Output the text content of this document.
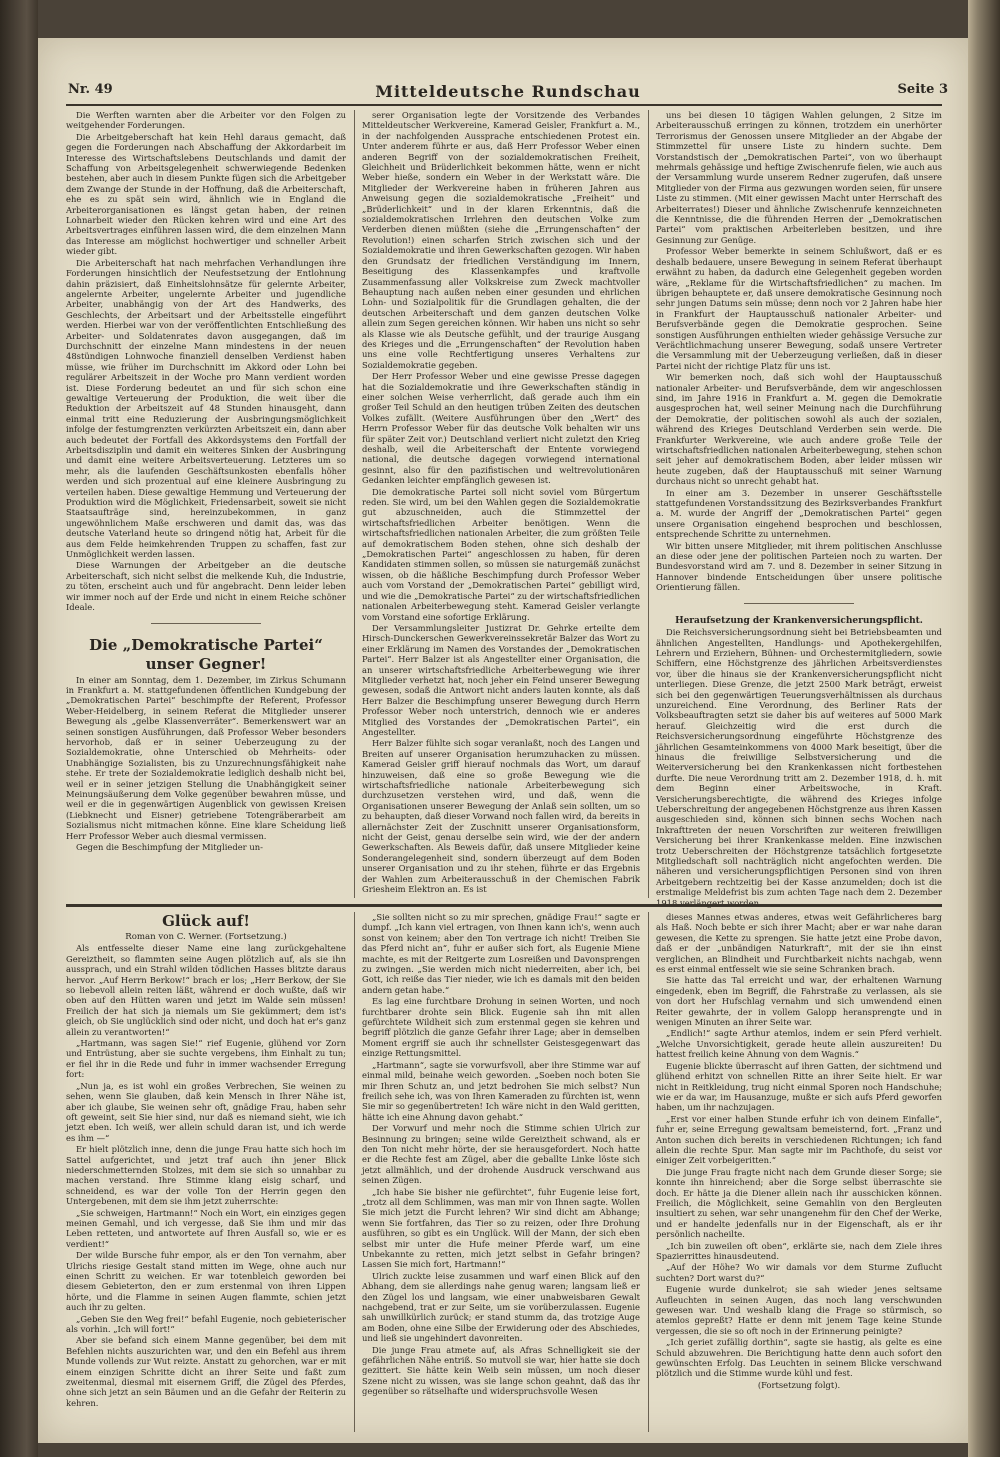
Nr. 49	Mitteldeutsche Rundschau	Seite 3

Die Werften warnten aber die Arbeiter vor den Folgen zu weitgehender Forderungen.

Die Arbeitgeberschaft hat kein Hehl daraus gemacht, daß gegen die Forderungen nach Abschaffung der Akkordarbeit im Interesse des Wirtschaftslebens Deutschlands und damit der Schaffung von Arbeitsgelegenheit schwerwiegende Bedenken bestehen, aber auch in diesem Punkte fügen sich die Arbeitgeber dem Zwange der Stunde in der Hoffnung, daß die Arbeiterschaft, ehe es zu spät sein wird, ähnlich wie in England die Arbeiterorganisationen es längst getan haben, der reinen Lohnarbeit wieder den Rücken kehren wird und eine Art des Arbeitsvertrages einführen lassen wird, die dem einzelnen Mann das Interesse am möglichst hochwertiger und schneller Arbeit wieder gibt.

Die Arbeiterschaft hat nach mehrfachen Verhandlungen ihre Forderungen hinsichtlich der Neufestsetzung der Entlohnung dahin präzisiert, daß Einheitslohnsätze für gelernte Arbeiter, angelernte Arbeiter, ungelernte Arbeiter und jugendliche Arbeiter, unabhängig von der Art des Handwerks, des Geschlechts, der Arbeitsart und der Arbeitsstelle eingeführt werden. Hierbei war von der veröffentlichten Entschließung des Arbeiter- und Soldatenrates davon ausgegangen, daß im Durchschnitt der einzelne Mann mindestens in der neuen 48stündigen Lohnwoche finanziell denselben Verdienst haben müsse, wie früher im Durchschnitt im Akkord oder Lohn bei regulärer Arbeitszeit in der Woche pro Mann verdient worden ist. Diese Forderung bedeutet an und für sich schon eine gewaltige Verteuerung der Produktion, die weit über die Reduktion der Arbeitszeit auf 48 Stunden hinausgeht, dann einmal tritt eine Reduzierung der Ausbringungsmöglichkeit infolge der festumgrenzten verkürzten Arbeitszeit ein, dann aber auch bedeutet der Fortfall des Akkordsystems den Fortfall der Arbeitsdisziplin und damit ein weiteres Sinken der Ausbringung und damit eine weitere Arbeitsverteuerung. Letzteres um so mehr, als die laufenden Geschäftsunkosten ebenfalls höher werden und sich prozentual auf eine kleinere Ausbringung zu verteilen haben. Diese gewaltige Hemmung und Verteuerung der Produktion wird die Möglichkeit, Friedensarbeit, soweit sie nicht Staatsaufträge sind, hereinzubekommen, in ganz ungewöhnlichem Maße erschweren und damit das, was das deutsche Vaterland heute so dringend nötig hat, Arbeit für die aus dem Felde heimkehrenden Truppen zu schaffen, fast zur Unmöglichkeit werden lassen.

Diese Warnungen der Arbeitgeber an die deutsche Arbeiterschaft, sich nicht selbst die melkende Kuh, die Industrie, zu töten, erscheint auch und für angebracht. Denn leider leben wir immer noch auf der Erde und nicht in einem Reiche schöner Ideale.

Die „Demokratische Partei“ unser Gegner!

In einer am Sonntag, dem 1. Dezember, im Zirkus Schumann in Frankfurt a. M. stattgefundenen öffentlichen Kundgebung der „Demokratischen Partei“ beschimpfte der Referent, Professor Weber-Heidelberg, in seinem Referat die Mitglieder unserer Bewegung als „gelbe Klassenverräter“. Bemerkenswert war an seinen sonstigen Ausführungen, daß Professor Weber besonders hervorhob, daß er in seiner Ueberzeugung zu der Sozialdemokratie, ohne Unterschied ob Mehrheits- oder Unabhängige Sozialisten, bis zu Unzurechnungsfähigkeit nahe stehe. Er trete der Sozialdemokratie lediglich deshalb nicht bei, weil er in seiner jetzigen Stellung die Unabhängigkeit seiner Meinungsäußerung dem Volke gegenüber bewahren müsse, und weil er die in gegenwärtigen Augenblick von gewissen Kreisen (Liebknecht und Eisner) getriebene Totengräberarbeit am Sozialismus nicht mitmachen könne. Eine klare Scheidung ließ Herr Professor Weber auch diesmal vermissen.

Gegen die Beschimpfung der Mitglieder un-

serer Organisation legte der Vorsitzende des Verbandes Mitteldeutscher Werkvereine, Kamerad Geisler, Frankfurt a. M., in der nachfolgenden Aussprache entschiedenen Protest ein. Unter anderem führte er aus, daß Herr Professor Weber einen anderen Begriff von der sozialdemokratischen Freiheit, Gleichheit und Brüderlichkeit bekommen hätte, wenn er nicht Weber hieße, sondern ein Weber in der Werkstatt wäre. Die Mitglieder der Werkvereine haben in früheren Jahren aus Anweisung gegen die sozialdemokratische „Freiheit“ und „Brüderlichkeit“ und in der klaren Erkenntnis, daß die sozialdemokratischen Irrlehren den deutschen Volke zum Verderben dienen müßten (siehe die „Errungenschaften“ der Revolution!) einen scharfen Strich zwischen sich und der Sozialdemokratie und ihren Gewerkschaften gezogen. Wir haben den Grundsatz der friedlichen Verständigung im Innern, Beseitigung des Klassenkampfes und kraftvolle Zusammenfassung aller Volkskreise zum Zweck machtvoller Behauptung nach außen neben einer gesunden und ehrlichen Lohn- und Sozialpolitik für die Grundlagen gehalten, die der deutschen Arbeiterschaft und dem ganzen deutschen Volke allein zum Segen gereichen können. Wir haben uns nicht so sehr als Klasse wie als Deutsche gefühlt, und der traurige Ausgang des Krieges und die „Errungenschaften“ der Revolution haben uns eine volle Rechtfertigung unseres Verhaltens zur Sozialdemokratie gegeben.

Der Herr Professor Weber und eine gewisse Presse dagegen hat die Sozialdemokratie und ihre Gewerkschaften ständig in einer solchen Weise verherrlicht, daß gerade auch ihm ein großer Teil Schuld an den heutigen trüben Zeiten des deutschen Volkes zufällt. (Weitere Ausführungen über den „Wert“ des Herrn Professor Weber für das deutsche Volk behalten wir uns für später Zeit vor.) Deutschland verliert nicht zuletzt den Krieg deshalb, weil die Arbeiterschaft der Entente vorwiegend national, die deutsche dagegen vorwiegend international gesinnt, also für den pazifistischen und weltrevolutionären Gedanken leichter empfänglich gewesen ist.

Die demokratische Partei soll nicht soviel vom Bürgertum reden. Sie wird, um bei den Wahlen gegen die Sozialdemokratie gut abzuschneiden, auch die Stimmzettel der wirtschaftsfriedlichen Arbeiter benötigen. Wenn die wirtschaftsfriedlichen nationalen Arbeiter, die zum größten Teile auf demokratischem Boden stehen, ohne sich deshalb der „Demokratischen Partei“ angeschlossen zu haben, für deren Kandidaten stimmen sollen, so müssen sie naturgemäß zunächst wissen, ob die häßliche Beschimpfung durch Professor Weber auch vom Vorstand der „Demokratischen Partei“ gebilligt wird, und wie die „Demokratische Partei“ zu der wirtschaftsfriedlichen nationalen Arbeiterbewegung steht. Kamerad Geisler verlangte vom Vorstand eine sofortige Erklärung.

Der Versammlungsleiter Justizrat Dr. Gehrke erteilte dem Hirsch-Dunckerschen Gewerkvereinssekretär Balzer das Wort zu einer Erklärung im Namen des Vorstandes der „Demokratischen Partei“. Herr Balzer ist als Angestellter einer Organisation, die an unserer wirtschaftsfriedliche Arbeiterbewegung wie ihrer Mitglieder verhetzt hat, noch jeher ein Feind unserer Bewegung gewesen, sodaß die Antwort nicht anders lauten konnte, als daß Herr Balzer die Beschimpfung unserer Bewegung durch Herrn Professor Weber noch unterstrich, dennoch wie er anderes Mitglied des Vorstandes der „Demokratischen Partei“, ein Angestellter.

Herr Balzer fühlte sich sogar veranlaßt, noch des Langen und Breiten auf unserer Organisation herumzuhacken zu müssen. Kamerad Geisler griff hierauf nochmals das Wort, um darauf hinzuweisen, daß eine so große Bewegung wie die wirtschaftsfriedliche nationale Arbeiterbewegung sich durchzusetzen verstehen wird, und daß, wenn die Organisationen unserer Bewegung der Anlaß sein sollten, um so zu behaupten, daß dieser Vorwand noch fallen wird, da bereits in allernächster Zeit der Zuschnitt unserer Organisationsform, nicht der Geist, genau derselbe sein wird, wie der der andern Gewerkschaften. Als Beweis dafür, daß unsere Mitglieder keine Sonderangelegenheit sind, sondern überzeugt auf dem Boden unserer Organisation und zu ihr stehen, führte er das Ergebnis der Wahlen zum Arbeiterausschuß in der Chemischen Fabrik Griesheim Elektron an. Es ist

uns bei diesen 10 tägigen Wahlen gelungen, 2 Sitze im Arbeiterausschuß erringen zu können, trotzdem ein unerhörter Terrorismus der Genossen unsere Mitglieder an der Abgabe der Stimmzettel für unsere Liste zu hindern suchte. Dem Vorstandstisch der „Demokratischen Partei“, von wo überhaupt mehrmals gehässige und heftige Zwischenrufe fielen, wie auch aus der Versammlung wurde unserem Redner zugerufen, daß unsere Mitglieder von der Firma aus gezwungen worden seien, für unsere Liste zu stimmen. (Mit einer gewissen Macht unter Herrschaft des Arbeiterrates!) Dieser und ähnliche Zwischenrufe kennzeichneten die Kenntnisse, die die führenden Herren der „Demokratischen Partei“ vom praktischen Arbeiterleben besitzen, und ihre Gesinnung zur Genüge.

Professor Weber bemerkte in seinem Schlußwort, daß er es deshalb bedauere, unsere Bewegung in seinem Referat überhaupt erwähnt zu haben, da dadurch eine Gelegenheit gegeben worden wäre, „Reklame für die Wirtschaftsfriedlichen“ zu machen. Im übrigen behauptete er, daß unsere demokratische Gesinnung noch sehr jungen Datums sein müsse; denn noch vor 2 Jahren habe hier in Frankfurt der Hauptausschuß nationaler Arbeiter- und Berufsverbände gegen die Demokratie gesprochen. Seine sonstigen Ausführungen enthielten wieder gehässige Versuche zur Verächtlichmachung unserer Bewegung, sodaß unsere Vertreter die Versammlung mit der Ueberzeugung verließen, daß in dieser Partei nicht der richtige Platz für uns ist.

Wir bemerken noch, daß sich wohl der Hauptausschuß nationaler Arbeiter- und Berufsverbände, dem wir angeschlossen sind, im Jahre 1916 in Frankfurt a. M. gegen die Demokratie ausgesprochen hat, weil seiner Meinung nach die Durchführung der Demokratie, der politischen sowohl als auch der sozialen, während des Krieges Deutschland Verderben sein werde. Die Frankfurter Werkvereine, wie auch andere große Teile der wirtschaftsfriedlichen nationalen Arbeiterbewegung, stehen schon seit jeher auf demokratischem Boden, aber leider müssen wir heute zugeben, daß der Hauptausschuß mit seiner Warnung durchaus nicht so unrecht gehabt hat.

In einer am 3. Dezember in unserer Geschäftsstelle stattgefundenen Vorstandssitzung des Bezirksverbandes Frankfurt a. M. wurde der Angriff der „Demokratischen Partei“ gegen unsere Organisation eingehend besprochen und beschlossen, entsprechende Schritte zu unternehmen.

Wir bitten unsere Mitglieder, mit ihrem politischen Anschlusse an diese oder jene der politischen Parteien noch zu warten. Der Bundesvorstand wird am 7. und 8. Dezember in seiner Sitzung in Hannover bindende Entscheidungen über unsere politische Orientierung fällen.

Heraufsetzung der Krankenversicherungspflicht.

Die Reichsversicherungsordnung sieht bei Betriebsbeamten und ähnlichen Angestellten, Handlungs- und Apothekergehilfen, Lehrern und Erziehern, Bühnen- und Orchestermitgliedern, sowie Schiffern, eine Höchstgrenze des jährlichen Arbeitsverdienstes vor, über die hinaus sie der Krankenversicherungspflicht nicht unterliegen. Diese Grenze, die jetzt 2500 Mark beträgt, erweist sich bei den gegenwärtigen Teuerungsverhältnissen als durchaus unzureichend. Eine Verordnung, des Berliner Rats der Volksbeauftragten setzt sie daher bis auf weiteres auf 5000 Mark herauf. Gleichzeitig wird die erst durch die Reichsversicherungsordnung eingeführte Höchstgrenze des jährlichen Gesamteinkommens von 4000 Mark beseitigt, über die hinaus die freiwillige Selbstversicherung und die Weiterversicherung bei den Krankenkassen nicht fortbestehen durfte. Die neue Verordnung tritt am 2. Dezember 1918, d. h. mit dem Beginn einer Arbeitswoche, in Kraft. Versicherungsberechtigte, die während des Krieges infolge Ueberschreitung der angegebenen Höchstgrenze aus ihren Kassen ausgeschieden sind, können sich binnen sechs Wochen nach Inkrafttreten der neuen Vorschriften zur weiteren freiwilligen Versicherung bei ihrer Krankenkasse melden. Eine inzwischen trotz Ueberschreiten der Höchstgrenze tatsächlich fortgesetzte Mitgliedschaft soll nachträglich nicht angefochten werden. Die näheren und versicherungspflichtigen Personen sind von ihren Arbeitgebern rechtzeitig bei der Kasse anzumelden; doch ist die erstmalige Meldefrist bis zum achten Tage nach dem 2. Dezember 1918 verlängert worden.

Glück auf!

Roman von C. Werner. (Fortsetzung.)

Als entfesselte dieser Name eine lang zurückgehaltene Gereiztheit, so flammten seine Augen plötzlich auf, als sie ihn aussprach, und ein Strahl wilden tödlichen Hasses blitzte daraus hervor. „Auf Herrn Berkow!“ brach er los; „Herr Berkow, der Sie so liebevoll allein reiten läßt, während er doch wußte, daß wir oben auf den Hütten waren und jetzt im Walde sein müssen! Freilich der hat sich ja niemals um Sie gekümmert; dem ist's gleich, ob Sie unglücklich sind oder nicht, und doch hat er's ganz allein zu verantworten!“

„Hartmann, was sagen Sie!“ rief Eugenie, glühend vor Zorn und Entrüstung, aber sie suchte vergebens, ihm Einhalt zu tun; er fiel ihr in die Rede und fuhr in immer wachsender Erregung fort:

„Nun ja, es ist wohl ein großes Verbrechen, Sie weinen zu sehen, wenn Sie glauben, daß kein Mensch in Ihrer Nähe ist, aber ich glaube, Sie weinen sehr oft, gnädige Frau, haben sehr oft geweint, seit Sie hier sind, nur daß es niemand sieht, wie ich jetzt eben. Ich weiß, wer allein schuld daran ist, und ich werde es ihm —“

Er hielt plötzlich inne, denn die junge Frau hatte sich hoch im Sattel aufgerichtet, und jetzt traf auch ihn jener Blick niederschmetternden Stolzes, mit dem sie sich so unnahbar zu machen verstand. Ihre Stimme klang eisig scharf, und schneidend, es war der volle Ton der Herrin gegen den Untergebenen, mit dem sie ihm jetzt zuherrschte:

„Sie schweigen, Hartmann!“ Noch ein Wort, ein einziges gegen meinen Gemahl, und ich vergesse, daß Sie ihm und mir das Leben retteten, und antwortete auf Ihren Ausfall so, wie er es verdient!“

Der wilde Bursche fuhr empor, als er den Ton vernahm, aber Ulrichs riesige Gestalt stand mitten im Wege, ohne auch nur einen Schritt zu weichen. Er war totenbleich geworden bei diesem Gebieterton, den er zum erstenmal von ihren Lippen hörte, und die Flamme in seinen Augen flammte, schien jetzt auch ihr zu gelten.

„Geben Sie den Weg frei!“ befahl Eugenie, noch gebieterischer als vorhin. „Ich will fort!“

Aber sie befand sich einem Manne gegenüber, bei dem mit Befehlen nichts auszurichten war, und den ein Befehl aus ihrem Munde vollends zur Wut reizte. Anstatt zu gehorchen, war er mit einem einzigen Schritte dicht an ihrer Seite und faßt zum zweitenmal, diesmal mit eisernem Griff, die Zügel des Pferdes, ohne sich jetzt an sein Bäumen und an die Gefahr der Reiterin zu kehren.

„Sie sollten nicht so zu mir sprechen, gnädige Frau!“ sagte er dumpf. „Ich kann viel ertragen, von Ihnen kann ich's, wenn auch sonst von keinem; aber den Ton vertrage ich nicht! Treiben Sie das Pferd nicht an“, fuhr er außer sich fort, als Eugenie Miene machte, es mit der Reitgerte zum Losreißen und Davonsprengen zu zwingen. „Sie werden mich nicht niederreiten, aber ich, bei Gott, ich reiße das Tier nieder, wie ich es damals mit den beiden andern getan habe.“

Es lag eine furchtbare Drohung in seinen Worten, und noch furchtbarer drohte sein Blick. Eugenie sah ihn mit allen gefürchtete Wildheit sich zum erstenmal gegen sie kehren und begriff plötzlich die ganze Gefahr ihrer Lage; aber in demselben Moment ergriff sie auch ihr schnellster Geistesgegenwart das einzige Rettungsmittel.

„Hartmann“, sagte sie vorwurfsvoll, aber ihre Stimme war auf einmal mild, beinahe weich geworden. „Soeben noch boten Sie mir Ihren Schutz an, und jetzt bedrohen Sie mich selbst? Nun freilich sehe ich, was von Ihren Kameraden zu fürchten ist, wenn Sie mir so gegenübertreten! Ich wäre nicht in den Wald geritten, hätte ich eine Ahnung davon gehabt.“

Der Vorwurf und mehr noch die Stimme schien Ulrich zur Besinnung zu bringen; seine wilde Gereiztheit schwand, als er den Ton nicht mehr hörte, der sie herausgefordert. Noch hatte er die Rechte fest am Zügel, aber die geballte Linke löste sich jetzt allmählich, und der drohende Ausdruck verschwand aus seinen Zügen.

„Ich habe Sie bisher nie gefürchtet“, fuhr Eugenie leise fort, „trotz all dem Schlimmen, was man mir von Ihnen sagte. Wollen Sie mich jetzt die Furcht lehren? Wir sind dicht am Abhange; wenn Sie fortfahren, das Tier so zu reizen, oder Ihre Drohung ausführen, so gibt es ein Unglück. Will der Mann, der sich eben selbst mir unter die Hufe meiner Pferde warf, um eine Unbekannte zu retten, mich jetzt selbst in Gefahr bringen? Lassen Sie mich fort, Hartmann!“

Ulrich zuckte leise zusammen und warf einen Blick auf den Abhang, dem sie allerdings nahe genug waren; langsam ließ er den Zügel los und langsam, wie einer unabweisbaren Gewalt nachgebend, trat er zur Seite, um sie vorüberzulassen. Eugenie sah unwillkürlich zurück; er stand stumm da, das trotzige Auge am Boden, ohne eine Silbe der Erwiderung oder des Abschiedes, und ließ sie ungehindert davonreiten.

Die junge Frau atmete auf, als Afras Schnelligkeit sie der gefährlichen Nähe entriß. So mutvoll sie war, hier hatte sie doch gezittert. Sie hätte kein Weib sein müssen, um noch dieser Szene nicht zu wissen, was sie lange schon geahnt, daß das ihr gegenüber so rätselhafte und widerspruchsvolle Wesen

dieses Mannes etwas anderes, etwas weit Gefährlicheres barg als Haß. Noch bebte er sich ihrer Macht; aber er war nahe daran gewesen, die Kette zu sprengen. Sie hatte jetzt eine Probe davon, daß er der „unbändigen Naturkraft“, mit der sie ihn einst verglichen, an Blindheit und Furchtbarkeit nichts nachgab, wenn es erst einmal entfesselt wie sie seine Schranken brach.

Sie hatte das Tal erreicht und war, der erhaltenen Warnung eingedenk, eben im Begriff, die Fahrstraße zu verlassen, als sie von dort her Hufschlag vernahm und sich umwendend einen Reiter gewahrte, der in vollem Galopp heransprengte und in wenigen Minuten an ihrer Seite war.

„Endlich!“ sagte Arthur atemlos, indem er sein Pferd verhielt. „Welche Unvorsichtigkeit, gerade heute allein auszureiten! Du hattest freilich keine Ahnung von dem Wagnis.“

Eugenie blickte überrascht auf ihren Gatten, der sichtmend und glühend erhitzt von schnellen Ritte an ihrer Seite hielt. Er war nicht in Reitkleidung, trug nicht einmal Sporen noch Handschuhe; wie er da war, im Hausanzuge, mußte er sich aufs Pferd geworfen haben, um ihr nachzujagen.

„Erst vor einer halben Stunde erfuhr ich von deinem Einfalle“, fuhr er, seine Erregung gewaltsam bemeisternd, fort. „Franz und Anton suchen dich bereits in verschiedenen Richtungen; ich fand allein die rechte Spur. Man sagte mir im Pachthofe, du seist vor einiger Zeit vorbeigeritten.“

Die junge Frau fragte nicht nach dem Grunde dieser Sorge; sie konnte ihn hinreichend; aber die Sorge selbst überraschte sie doch. Er hätte ja die Diener allein nach ihr ausschicken können. Freilich, die Möglichkeit, seine Gemahlin von den Bergleuten insultiert zu sehen, war sehr unangenehm für den Chef der Werke, und er handelte jedenfalls nur in der Eigenschaft, als er ihr persönlich nacheilte.

„Ich bin zuweilen oft oben“, erklärte sie, nach dem Ziele ihres Spazierrittes hinausdeutend.

„Auf der Höhe? Wo wir damals vor dem Sturme Zuflucht suchten? Dort warst du?“

Eugenie wurde dunkelrot; sie sah wieder jenes seltsame Aufleuchten in seinen Augen, das noch lang verschwunden gewesen war. Und weshalb klang die Frage so stürmisch, so atemlos gepreßt? Hatte er denn mit jenem Tage keine Stunde vergessen, die sie so oft noch in der Erinnerung peinigte?

„Ich geriet zufällig dorthin“, sagte sie hastig, als gelte es eine Schuld abzuwehren. Die Berichtigung hatte denn auch sofort den gewünschten Erfolg. Das Leuchten in seinem Blicke verschwand plötzlich und die Stimme wurde kühl und fest.

(Fortsetzung folgt).
